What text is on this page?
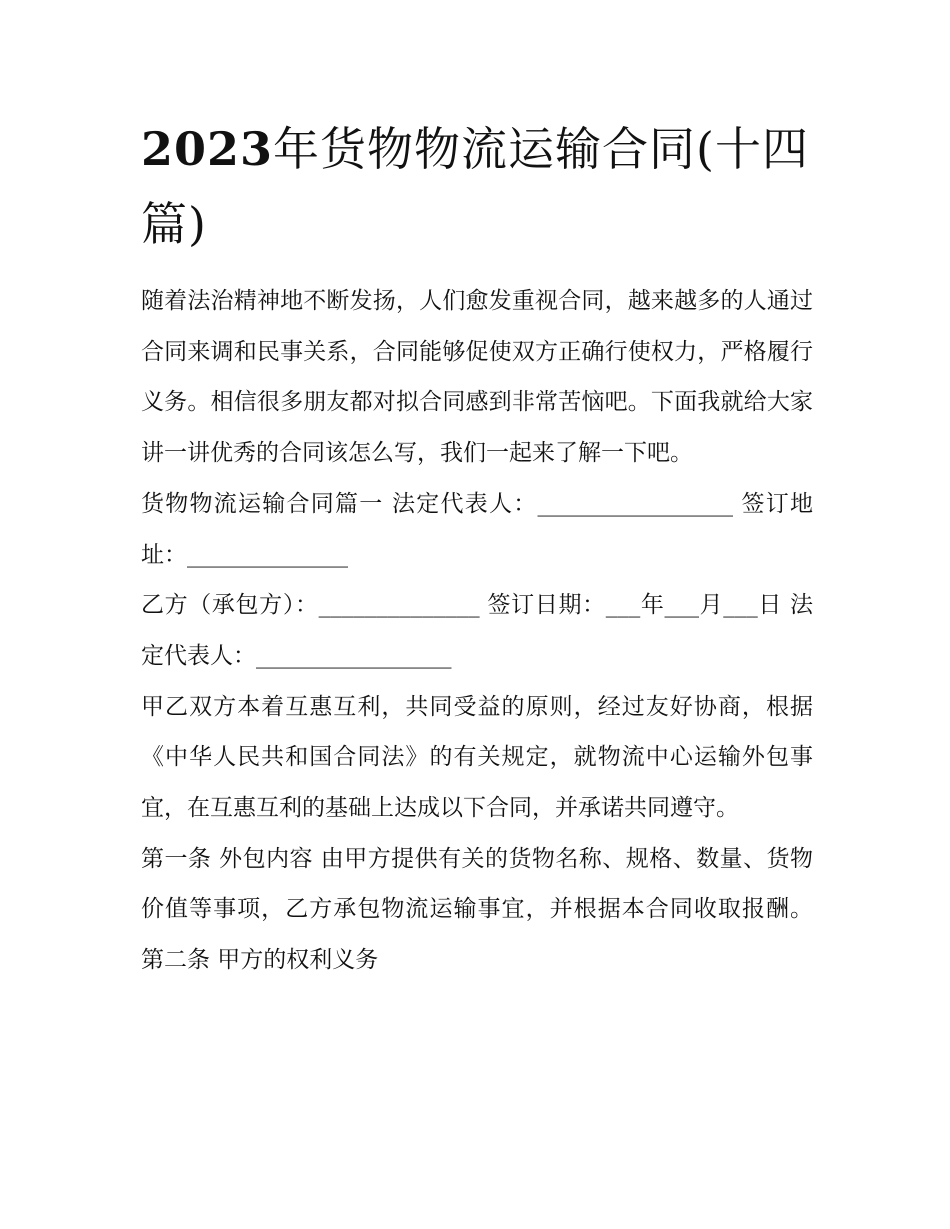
2023年货物物流运输合同(十四篇)

随着法治精神地不断发扬，人们愈发重视合同，越来越多的人通过合同来调和民事关系，合同能够促使双方正确行使权力，严格履行义务。相信很多朋友都对拟合同感到非常苦恼吧。下面我就给大家讲一讲优秀的合同该怎么写，我们一起来了解一下吧。

货物物流运输合同篇一 法定代表人：_________________ 签订地址：______________

乙方（承包方）：______________ 签订日期：___年___月___日 法定代表人：_________________

甲乙双方本着互惠互利，共同受益的原则，经过友好协商，根据《中华人民共和国合同法》的有关规定，就物流中心运输外包事宜，在互惠互利的基础上达成以下合同，并承诺共同遵守。

第一条 外包内容 由甲方提供有关的货物名称、规格、数量、货物价值等事项，乙方承包物流运输事宜，并根据本合同收取报酬。 第二条 甲方的权利义务
